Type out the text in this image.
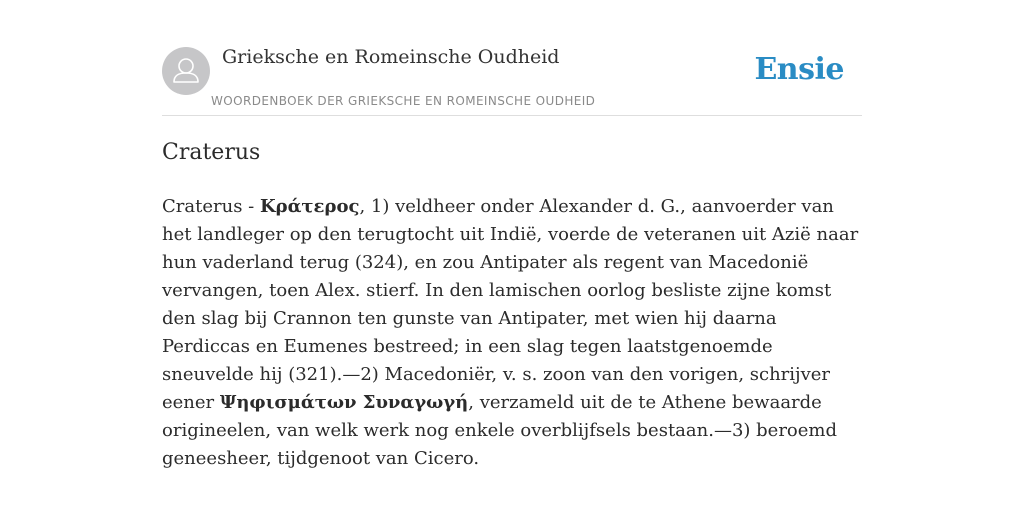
Grieksche en Romeinsche Oudheid
WOORDENBOEK DER GRIEKSCHE EN ROMEINSCHE OUDHEID
Ensie
Craterus

Craterus - Κράτερος, 1) veldheer onder Alexander d. G., aanvoerder van het landleger op den terugtocht uit Indië, voerde de veteranen uit Azië naar hun vaderland terug (324), en zou Antipater als regent van Macedonië vervangen, toen Alex. stierf. In den lamischen oorlog besliste zijne komst den slag bij Crannon ten gunste van Antipater, met wien hij daarna Perdiccas en Eumenes bestreed; in een slag tegen laatstgenoemde sneuvelde hij (321).—2) Macedoniër, v. s. zoon van den vorigen, schrijver eener Ψηφισμάτων Συναγωγή, verzameld uit de te Athene bewaarde origineelen, van welk werk nog enkele overblijfsels bestaan.—3) beroemd geneesheer, tijdgenoot van Cicero.
